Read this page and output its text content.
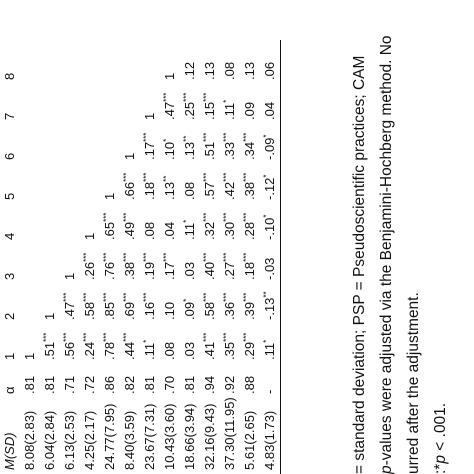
	M(SD)	α	1	2	3	4	5	6	7	8
	8.08(2.83)	.81	1							
	6.04(2.84)	.81	.51***	1						
	6.13(2.53)	.71	.56***	.47***	1					
	4.25(2.17)	.72	.24***	.58***	.26***	1				
	24.77(7.95)	.86	.78***	.85***	.76***	.65***	1			
	8.40(3.59)	.82	.44***	.69***	.38***	.49***	.66***	1		
	23.67(7.31)	.81	.11*	.16***	.19***	.08	.18***	.17***	1	
	10.43(3.60)	.70	.08	.10	.17***	.04	.13**	.10*	.47***	1
	18.66(3.94)	.81	.03	.09*	.03	.11*	.08	.13**	.25***	.12
	32.16(9.43)	.94	.41***	.58***	.40***	.32***	.57***	.51***	.15***	.13
	37.30(11.95)	.92	.35***	.36***	.27***	.30***	.42***	.33***	.11*	.08
	5.61(2.65)	.88	.29***	.39***	.18***	.28***	.38***	.34***	.09	.13
	4.83(1.73)	-	.11*	-.13**	-.03	-.10*	-.12*	-.09*	.04	.06	= standard deviation; PSP = Pseudoscientific practices; CAM p-values were adjusted via the Benjamini-Hochberg method. No urred after the adjustment. :*p < .001.
